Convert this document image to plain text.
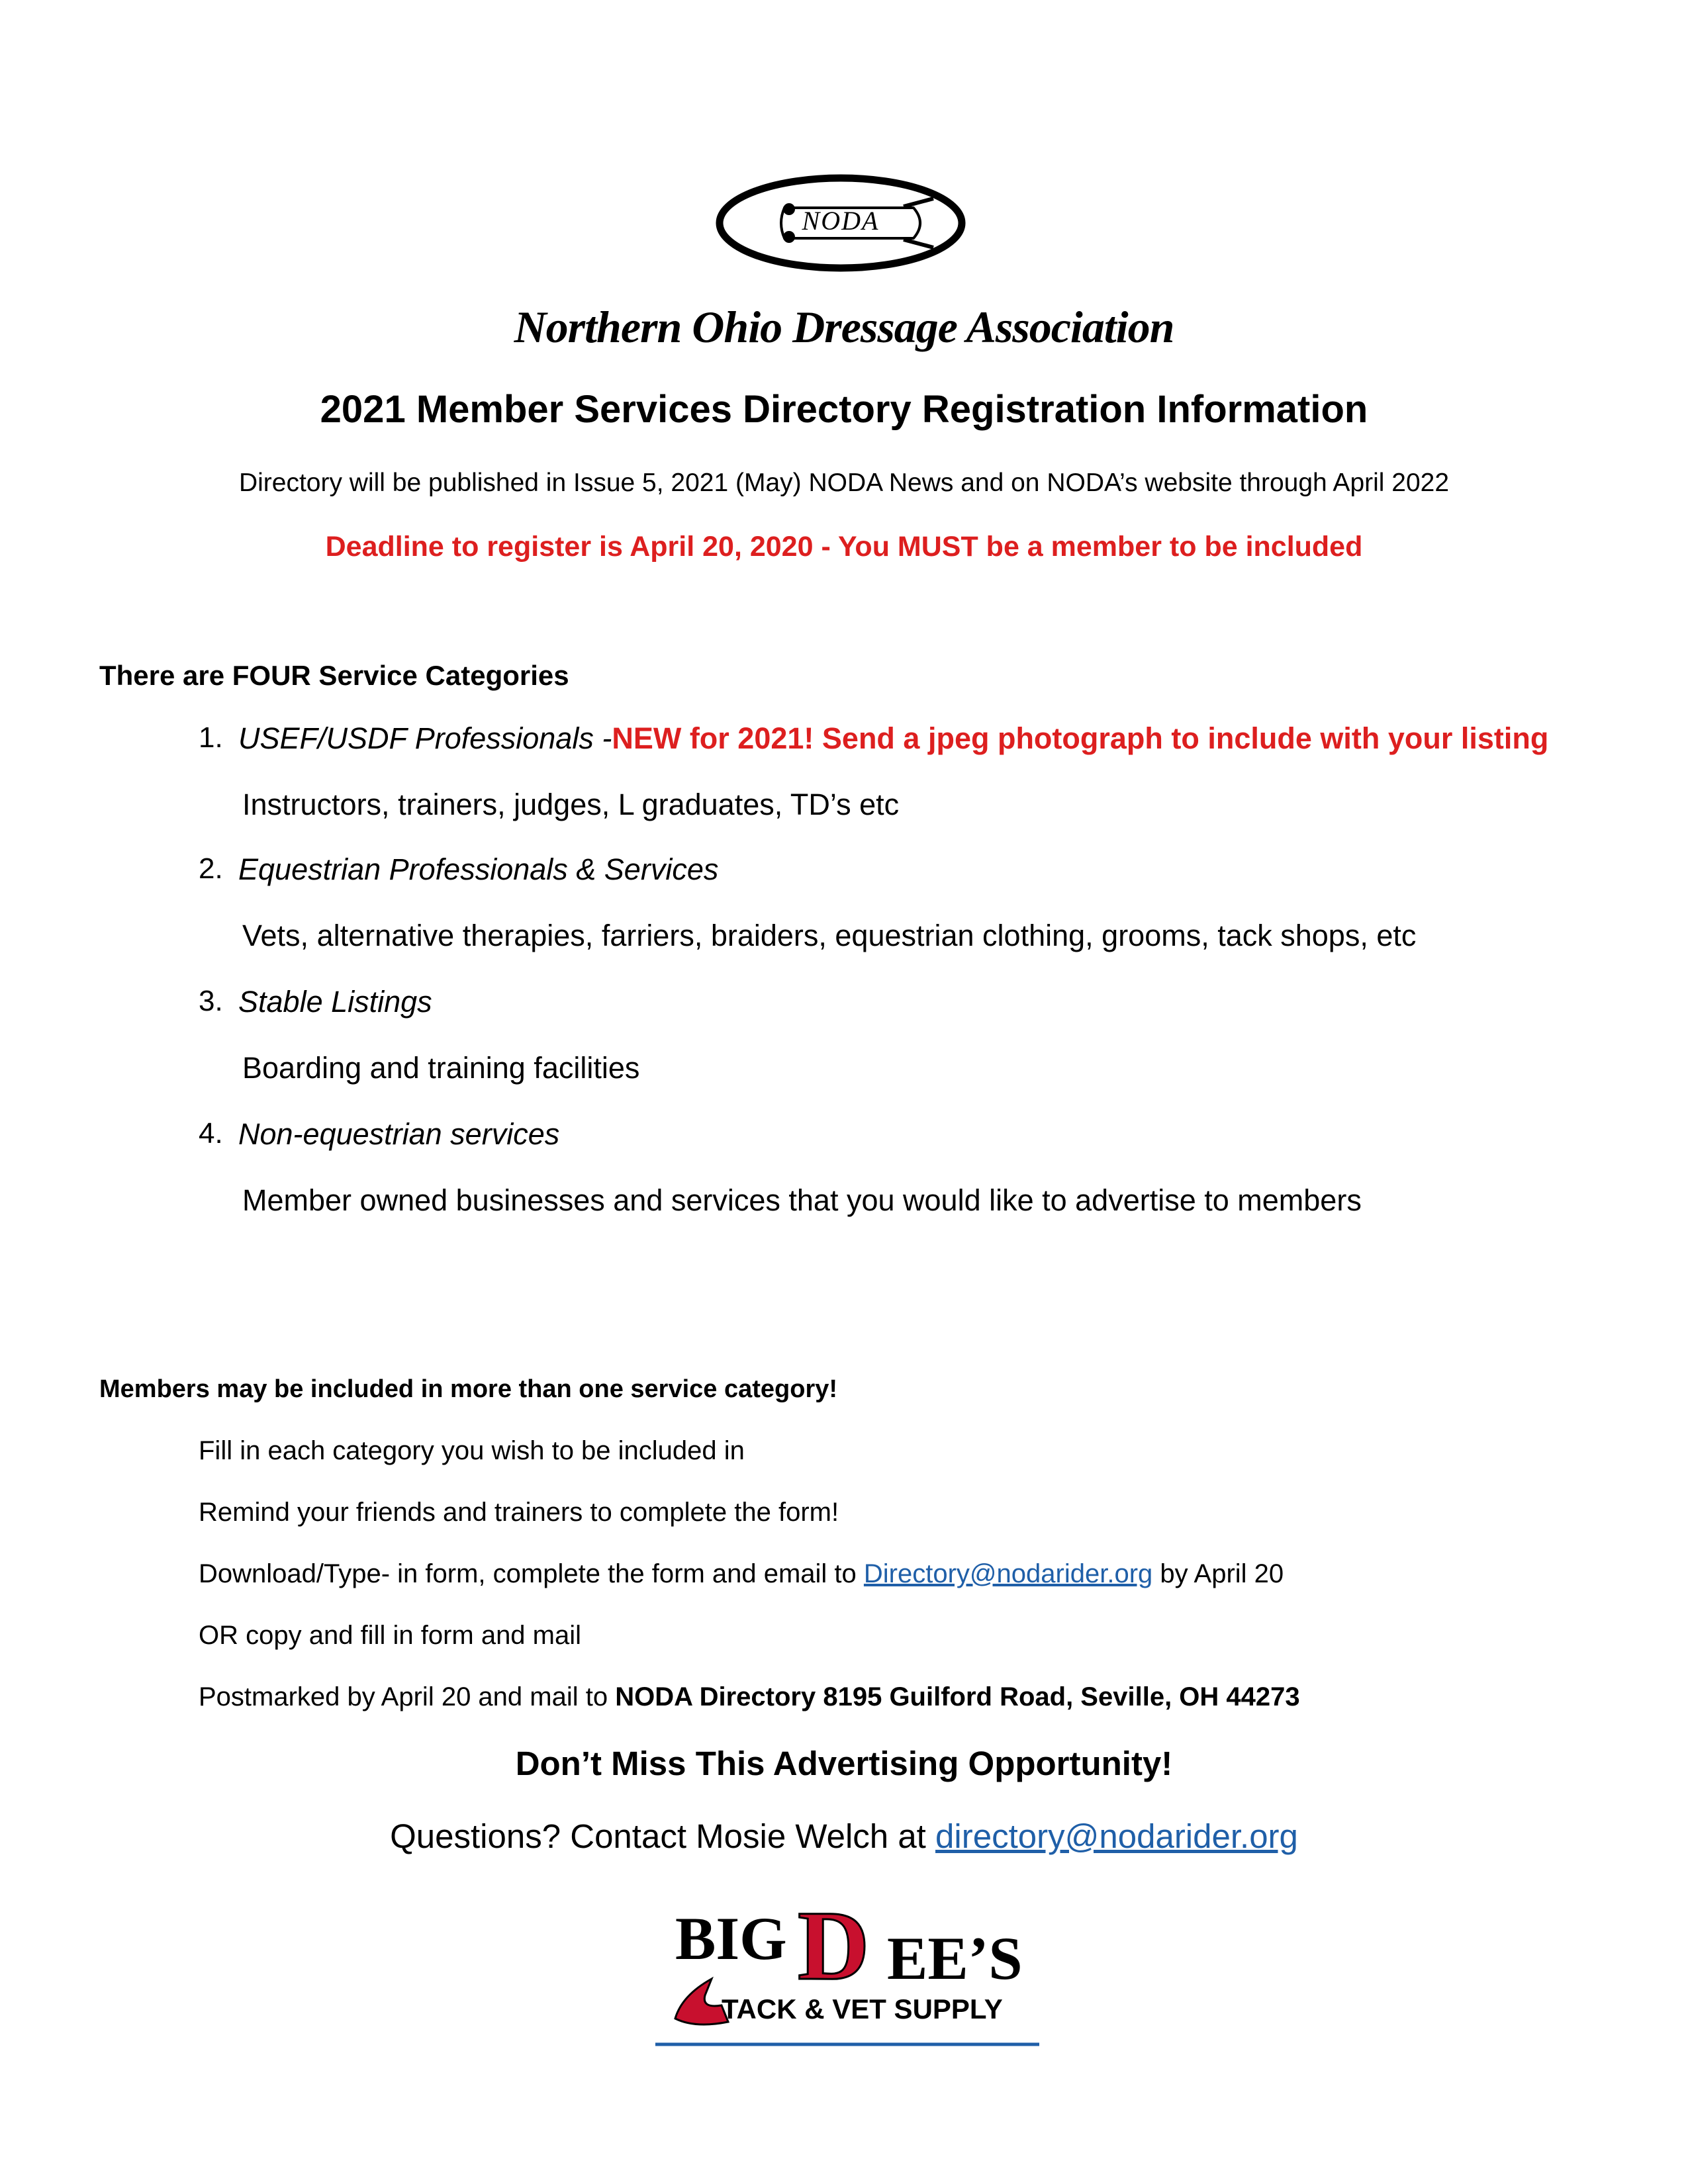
NODA
Northern Ohio Dressage Association
2021 Member Services Directory Registration Information
Directory will be published in Issue 5, 2021 (May) NODA News and on NODA’s website through April 2022
Deadline to register is April 20, 2020 - You MUST be a member to be included
There are FOUR Service Categories
1. USEF/USDF Professionals -NEW for 2021! Send a jpeg photograph to include with your listing
Instructors, trainers, judges, L graduates, TD’s etc
2. Equestrian Professionals & Services
Vets, alternative therapies, farriers, braiders, equestrian clothing, grooms, tack shops, etc
3. Stable Listings
Boarding and training facilities
4. Non-equestrian services
Member owned businesses and services that you would like to advertise to members
Members may be included in more than one service category!
Fill in each category you wish to be included in
Remind your friends and trainers to complete the form!
Download/Type- in form, complete the form and email to Directory@nodarider.org by April 20
OR copy and fill in form and mail
Postmarked by April 20 and mail to NODA Directory 8195 Guilford Road, Seville, OH 44273
Don’t Miss This Advertising Opportunity!
Questions? Contact Mosie Welch at directory@nodarider.org
BIG D EE’S
TACK & VET SUPPLY
